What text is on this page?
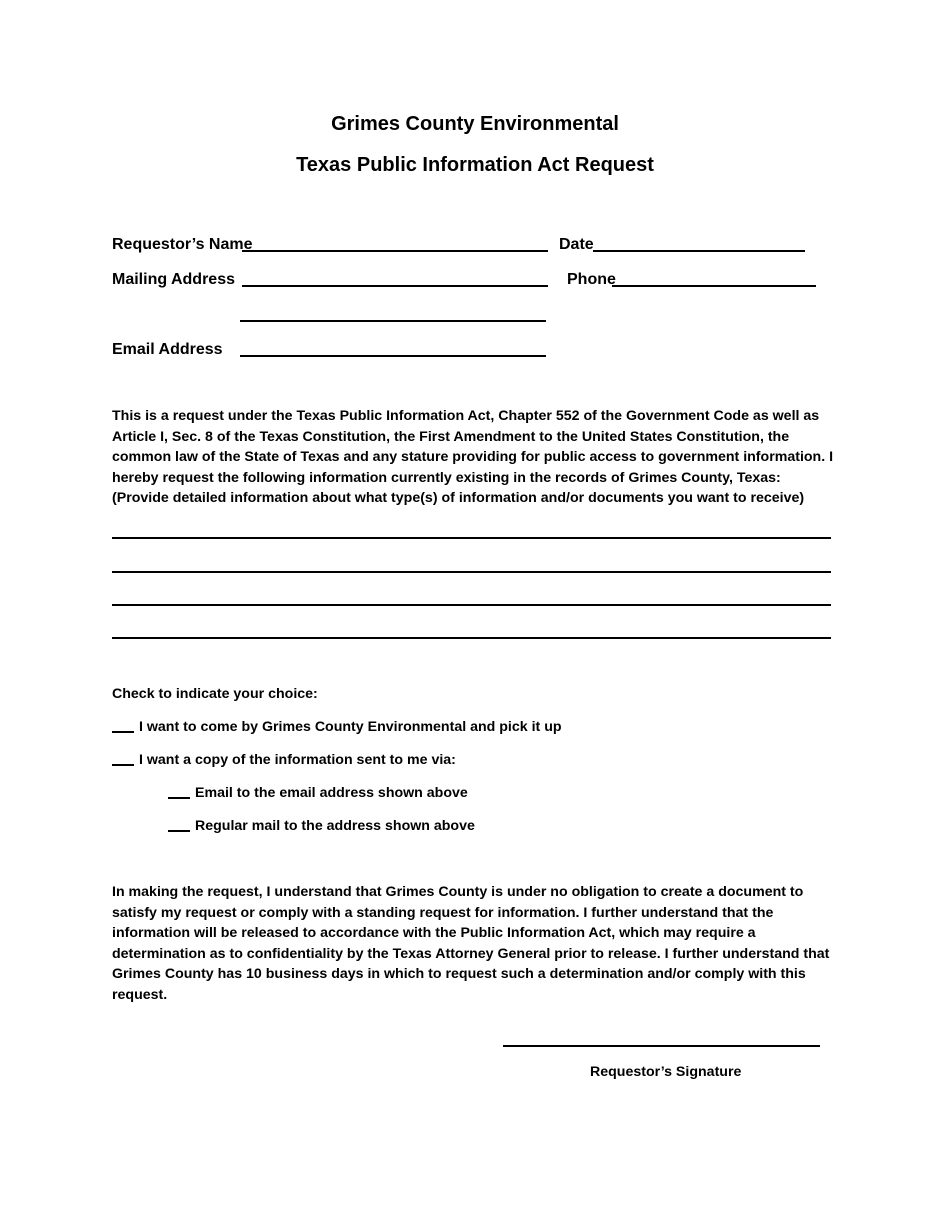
Grimes County Environmental
Texas Public Information Act Request
Requestor’s Name	Date
Mailing Address	Phone
Email Address
This is a request under the Texas Public Information Act, Chapter 552 of the Government Code as well as Article I, Sec. 8 of the Texas Constitution, the First Amendment to the United States Constitution, the common law of the State of Texas and any stature providing for public access to government information. I hereby request the following information currently existing in the records of Grimes County, Texas: (Provide detailed information about what type(s) of information and/or documents you want to receive)
Check to indicate your choice:
I want to come by Grimes County Environmental and pick it up
I want a copy of the information sent to me via:
Email to the email address shown above
Regular mail to the address shown above
In making the request, I understand that Grimes County is under no obligation to create a document to satisfy my request or comply with a standing request for information. I further understand that the information will be released to accordance with the Public Information Act, which may require a determination as to confidentiality by the Texas Attorney General prior to release. I further understand that Grimes County has 10 business days in which to request such a determination and/or comply with this request.
Requestor’s Signature
